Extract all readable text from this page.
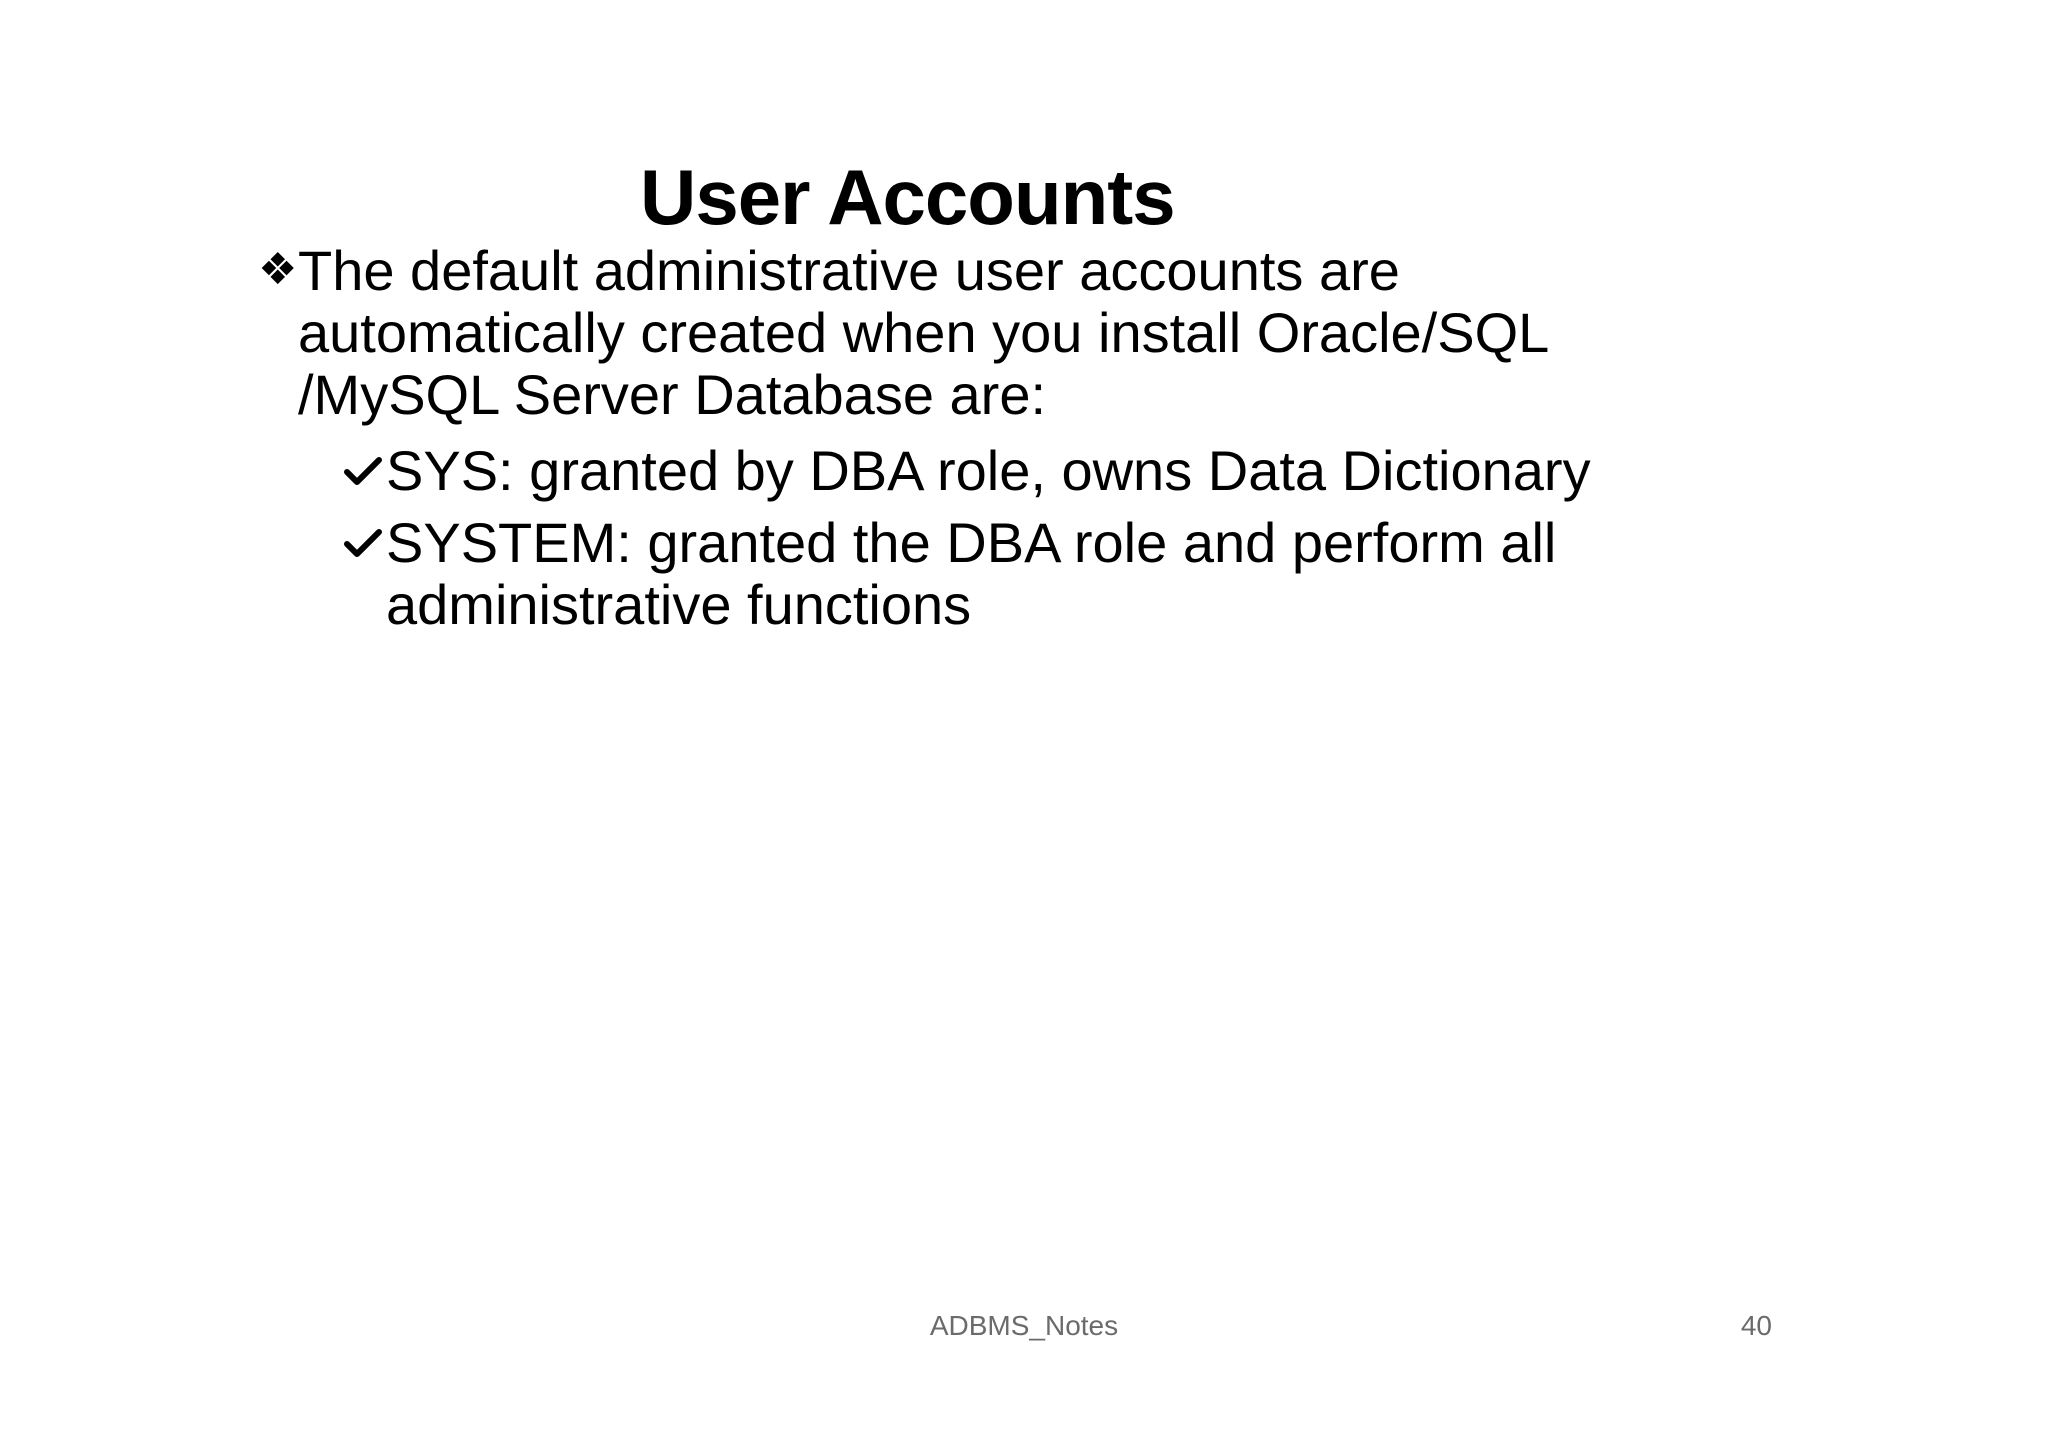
User Accounts
❖ The default administrative user accounts are automatically created when you install Oracle/SQL /MySQL Server Database are:
SYS: granted by DBA role, owns Data Dictionary
SYSTEM: granted the DBA role and perform all administrative functions
ADBMS_Notes	40
